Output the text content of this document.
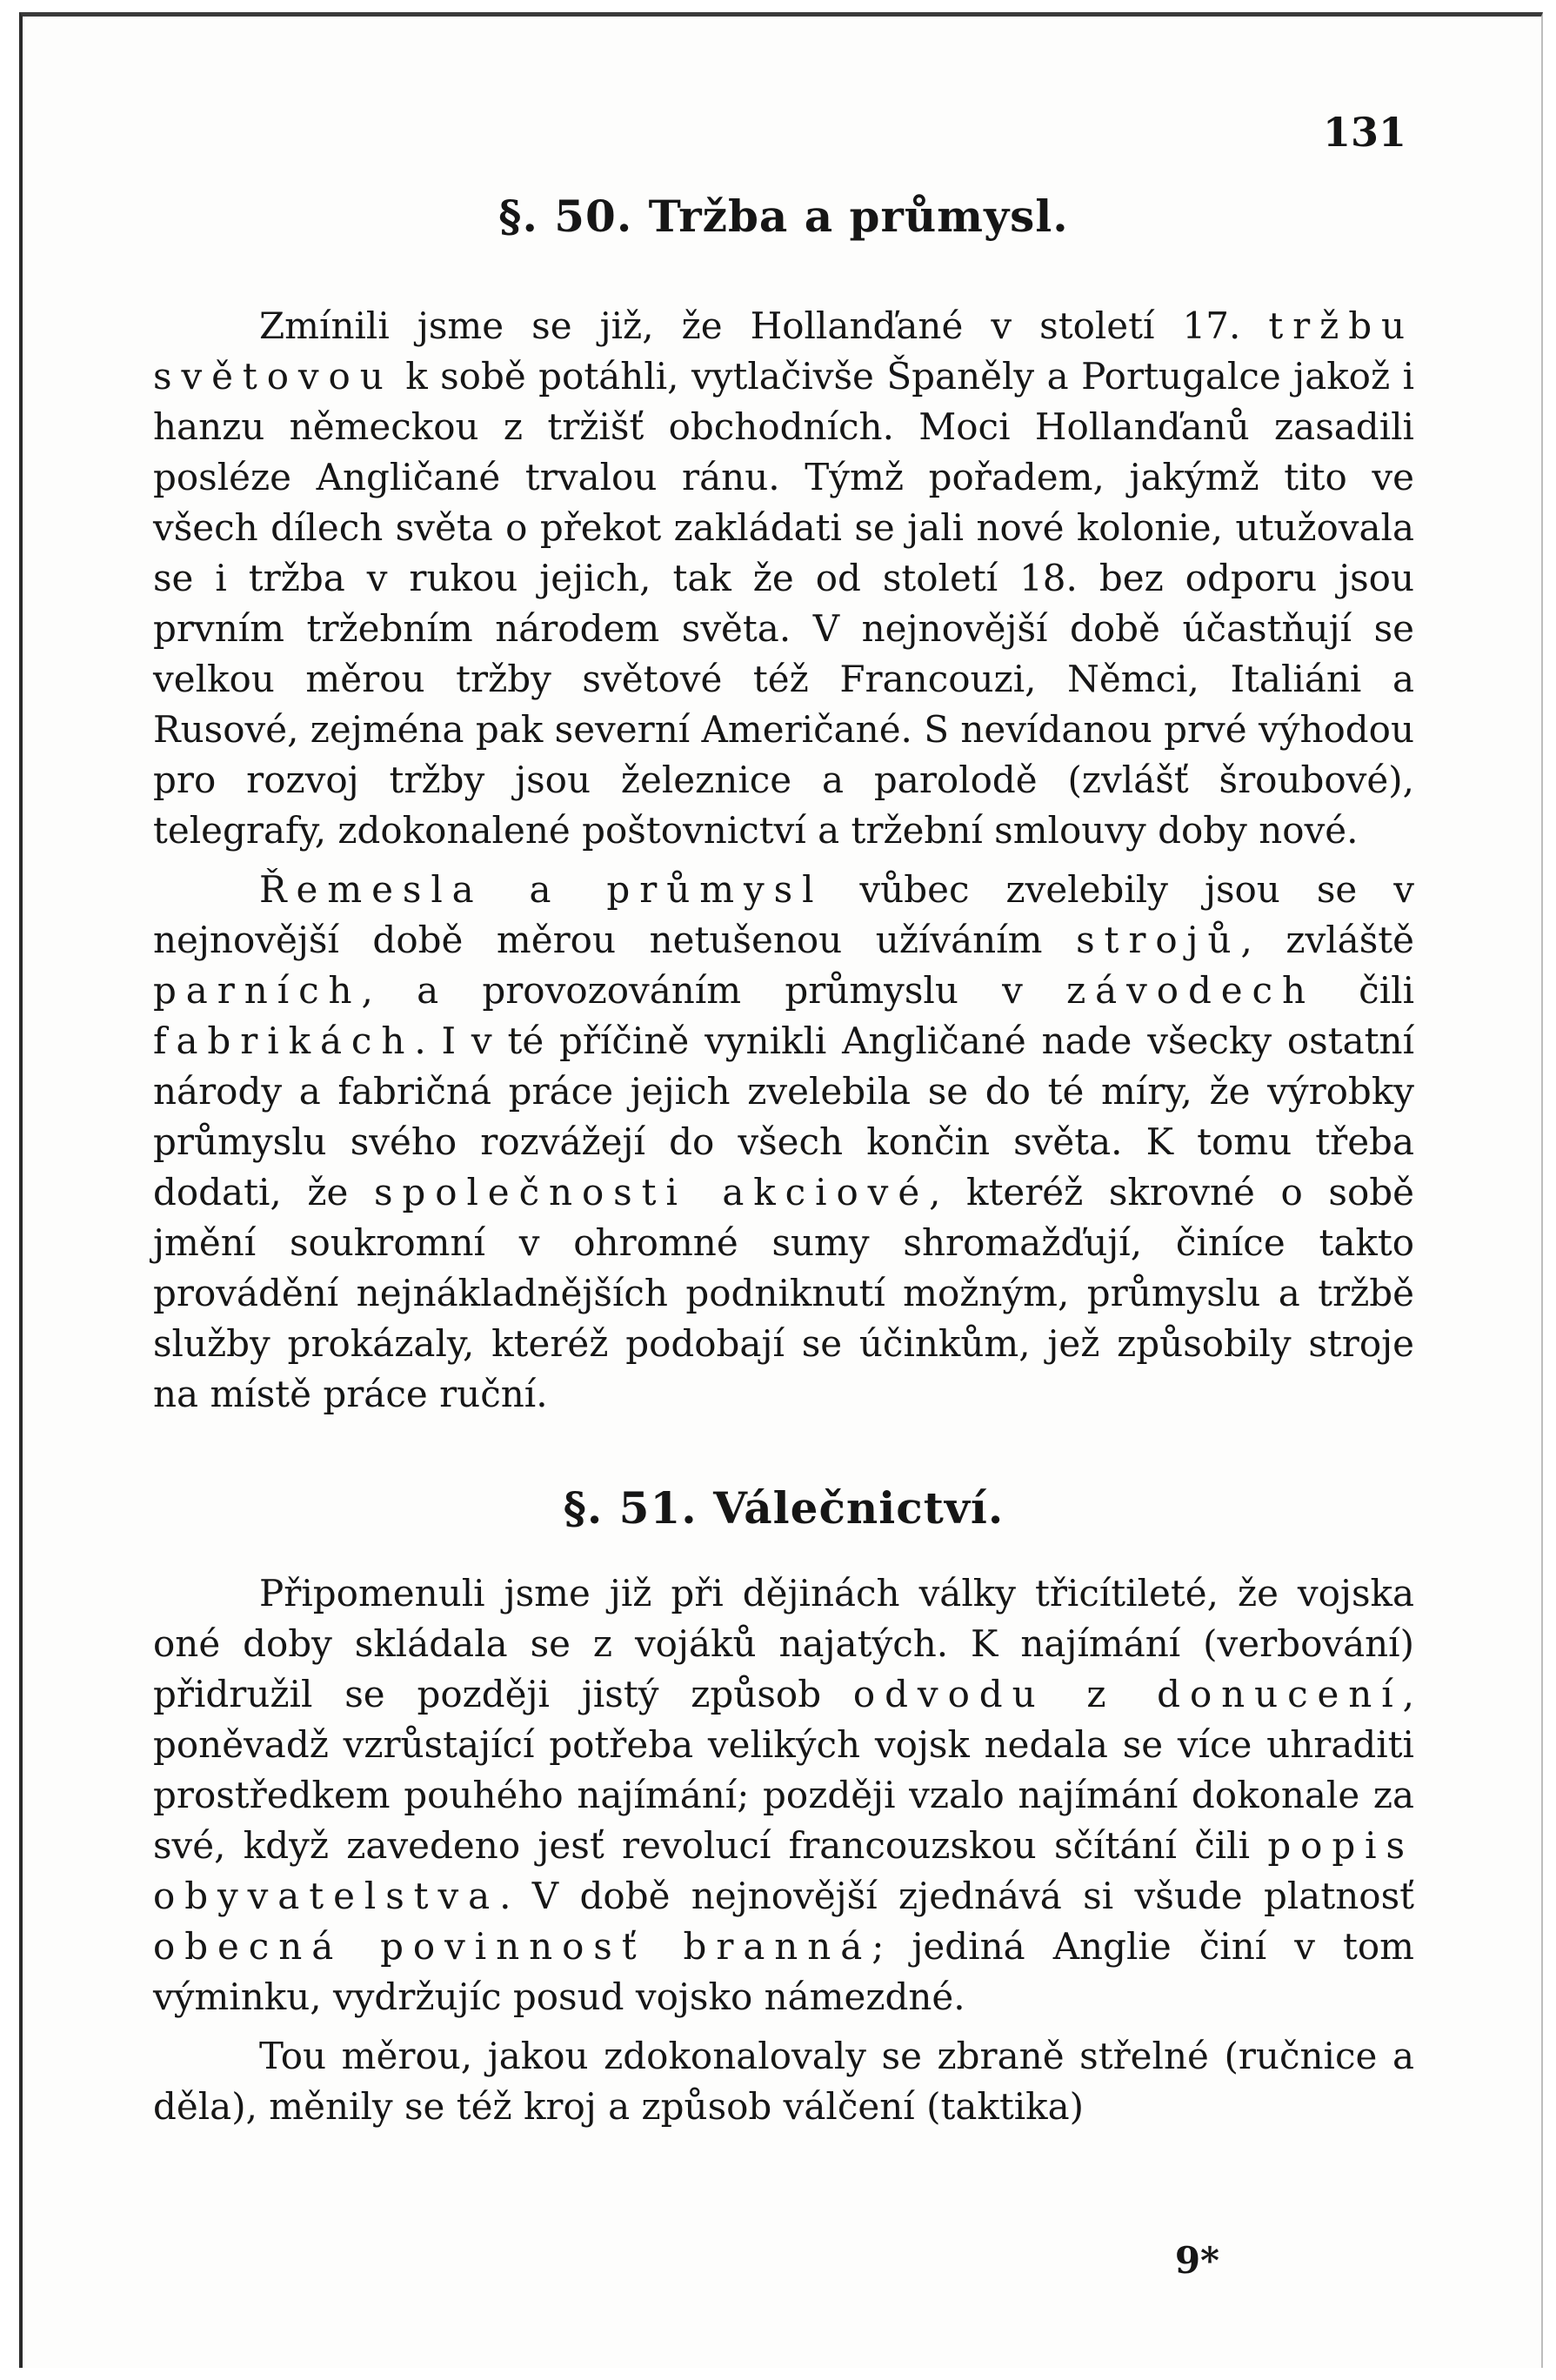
131

§. 50. Tržba a průmysl.

Zmínili jsme se již, že Hollanďané v století 17. tržbu světovou k sobě potáhli, vytlačivše Španěly a Portugalce jakož i hanzu německou z tržišť obchodních. Moci Hollanďanů zasadili posléze Angličané trvalou ránu. Týmž pořadem, jakýmž tito ve všech dílech světa o překot zakládati se jali nové kolonie, utužovala se i tržba v rukou jejich, tak že od století 18. bez odporu jsou prvním tržebním národem světa. V nejnovější době účastňují se velkou měrou tržby světové též Francouzi, Němci, Italiáni a Rusové, zejména pak severní Američané. S nevídanou prvé výhodou pro rozvoj tržby jsou železnice a parolodě (zvlášť šroubové), telegrafy, zdokonalené poštovnictví a tržební smlouvy doby nové.

Řemesla a průmysl vůbec zvelebily jsou se v nejnovější době měrou netušenou užíváním strojů, zvláště parních, a provozováním průmyslu v závodech čili fabrikách. I v té příčině vynikli Angličané nade všecky ostatní národy a fabričná práce jejich zvelebila se do té míry, že výrobky průmyslu svého rozvážejí do všech končin světa. K tomu třeba dodati, že společnosti akciové, kteréž skrovné o sobě jmění soukromní v ohromné sumy shromažďují, činíce takto provádění nejnákladnějších podniknutí možným, průmyslu a tržbě služby prokázaly, kteréž podobají se účinkům, jež způsobily stroje na místě práce ruční.

§. 51. Válečnictví.

Připomenuli jsme již při dějinách války třicítileté, že vojska oné doby skládala se z vojáků najatých. K najímání (verbování) přidružil se později jistý způsob odvodu z donucení, poněvadž vzrůstající potřeba velikých vojsk nedala se více uhraditi prostředkem pouhého najímání; později vzalo najímání dokonale za své, když zavedeno jesť revolucí francouzskou sčítání čili popis obyvatelstva. V době nejnovější zjednává si všude platnosť obecná povinnosť branná; jediná Anglie činí v tom výminku, vydržujíc posud vojsko námezdné.

Tou měrou, jakou zdokonalovaly se zbraně střelné (ručnice a děla), měnily se též kroj a způsob válčení (taktika)

9*
